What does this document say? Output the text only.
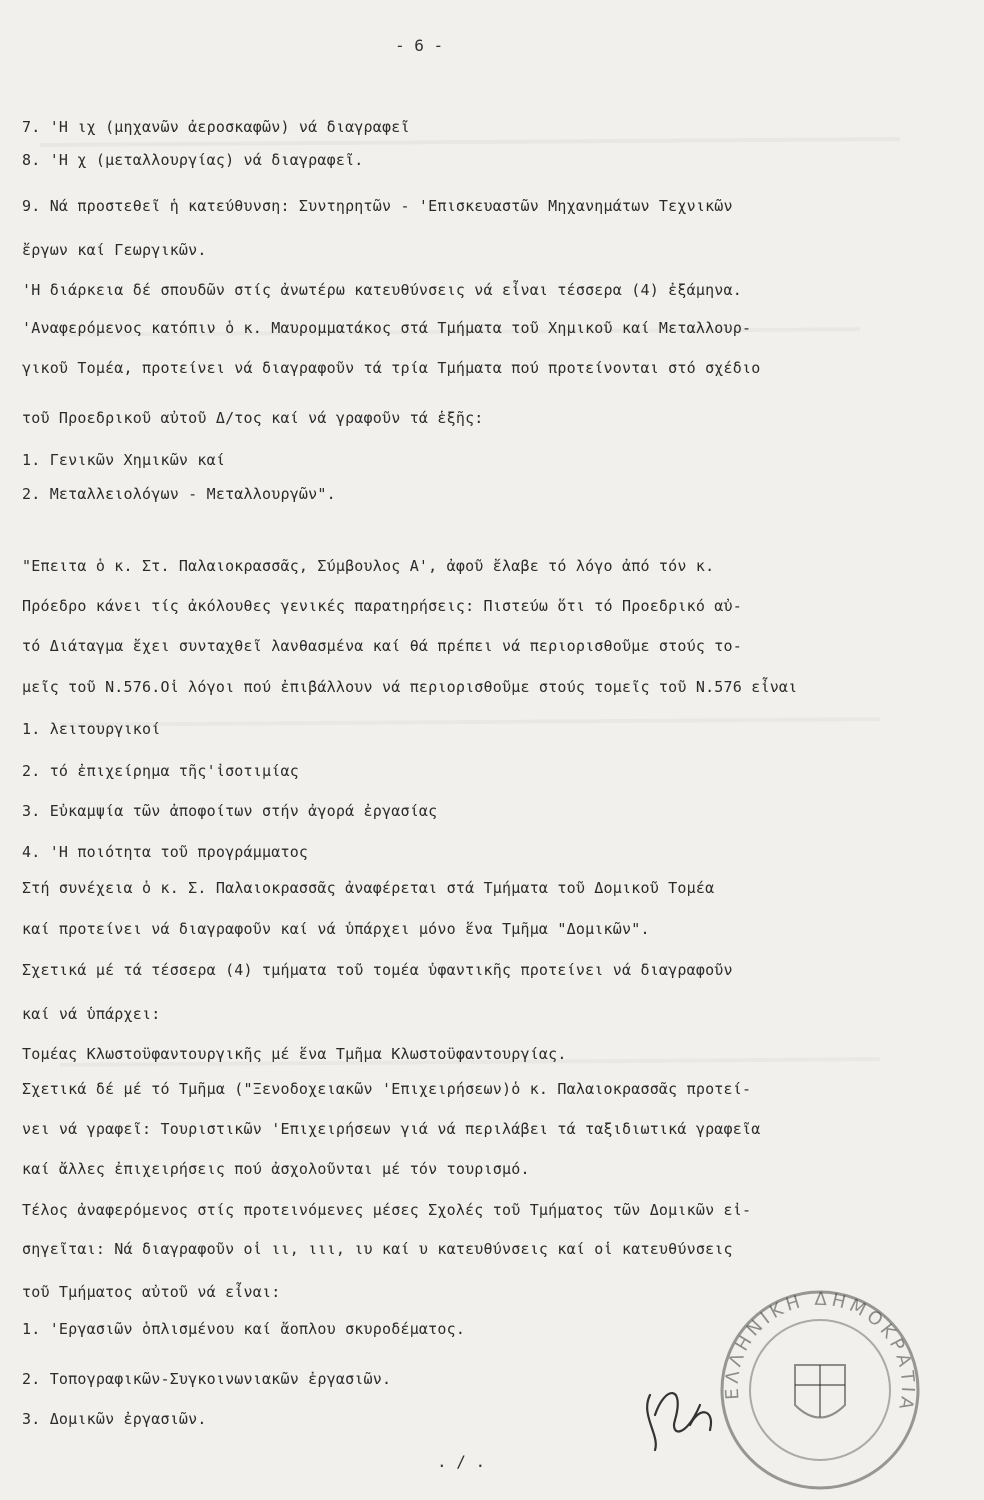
- 6 -
7. 'Η ιχ (μηχανῶν ἀεροσκαφῶν) νά διαγραφεῖ
8. 'Η χ (μεταλλουργίας) νά διαγραφεῖ.
9. Νά προστεθεῖ ἡ κατεύθυνση: Συντηρητῶν - 'Επισκευαστῶν Μηχανημάτων Τεχνικῶν
ἔργων καί Γεωργικῶν.
'Η διάρκεια δέ σπουδῶν στίς ἀνωτέρω κατευθύνσεις νά εἶναι τέσσερα (4) ἐξάμηνα.
'Αναφερόμενος κατόπιν ὁ κ. Μαυρομματάκος στά Τμήματα τοῦ Χημικοῦ καί Μεταλλουρ-
γικοῦ Τομέα, προτείνει νά διαγραφοῦν τά τρία Τμήματα πού προτείνονται στό σχέδιο
τοῦ Προεδρικοῦ αὐτοῦ Δ/τος καί νά γραφοῦν τά ἑξῆς:
1. Γενικῶν Χημικῶν καί
2. Μεταλλειολόγων - Μεταλλουργῶν".
"Επειτα ὁ κ. Στ. Παλαιοκρασσᾶς, Σύμβουλος Α', ἀφοῦ ἔλαβε τό λόγο ἀπό τόν κ.
Πρόεδρο κάνει τίς ἀκόλουθες γενικές παρατηρήσεις: Πιστεύω ὅτι τό Προεδρικό αὐ-
τό Διάταγμα ἔχει συνταχθεῖ λανθασμένα καί θά πρέπει νά περιορισθοῦμε στούς το-
μεῖς τοῦ Ν.576.Οἱ λόγοι πού ἐπιβάλλουν νά περιορισθοῦμε στούς τομεῖς τοῦ Ν.576 εἶναι
1. λειτουργικοί
2. τό ἐπιχείρημα τῆς'ἰσοτιμίας
3. Εὐκαμψία τῶν ἀποφοίτων στήν ἀγορά ἐργασίας
4. 'Η ποιότητα τοῦ προγράμματος
Στή συνέχεια ὁ κ. Σ. Παλαιοκρασσᾶς ἀναφέρεται στά Τμήματα τοῦ Δομικοῦ Τομέα
καί προτείνει νά διαγραφοῦν καί νά ὑπάρχει μόνο ἕνα Τμῆμα "Δομικῶν".
Σχετικά μέ τά τέσσερα (4) τμήματα τοῦ τομέα ὑφαντικῆς προτείνει νά διαγραφοῦν
καί νά ὑπάρχει:
Τομέας Κλωστοϋφαντουργικῆς μέ ἕνα Τμῆμα Κλωστοϋφαντουργίας.
Σχετικά δέ μέ τό Τμῆμα ("Ξενοδοχειακῶν 'Επιχειρήσεων)ὁ κ. Παλαιοκρασσᾶς προτεί-
νει νά γραφεῖ: Τουριστικῶν 'Επιχειρήσεων γιά νά περιλάβει τά ταξιδιωτικά γραφεῖα
καί ἄλλες ἐπιχειρήσεις πού ἀσχολοῦνται μέ τόν τουρισμό.
Τέλος ἀναφερόμενος στίς προτεινόμενες μέσες Σχολές τοῦ Τμήματος τῶν Δομικῶν εἰ-
σηγεῖται: Νά διαγραφοῦν οἱ ιι, ιιι, ιυ καί υ κατευθύνσεις καί οἱ κατευθύνσεις
τοῦ Τμήματος αὐτοῦ νά εἶναι:
1. 'Εργασιῶν ὁπλισμένου καί ἄοπλου σκυροδέματος.
2. Τοπογραφικῶν-Συγκοινωνιακῶν ἐργασιῶν.
3. Δομικῶν ἐργασιῶν.
. / .
ΕΛΛΗΝΙΚΗ ΔΗΜΟΚΡΑΤΙΑ
